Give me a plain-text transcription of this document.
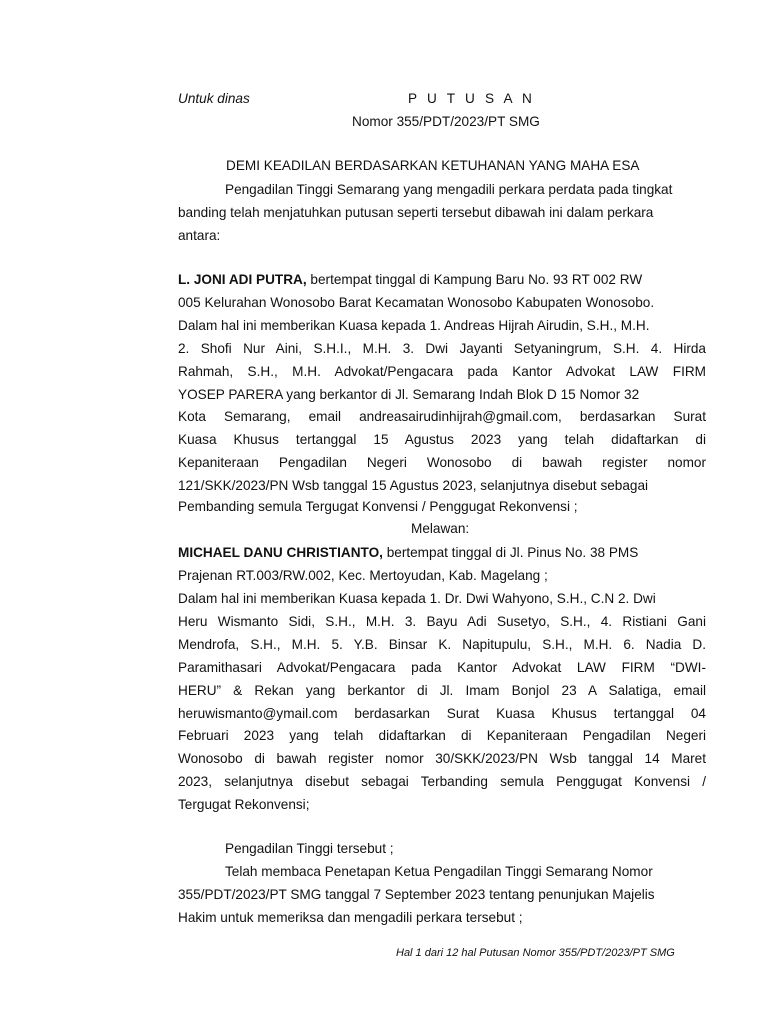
Untuk dinas	P U T U S A N
Nomor 355/PDT/2023/PT SMG
DEMI KEADILAN BERDASARKAN KETUHANAN YANG MAHA ESA
Pengadilan Tinggi Semarang yang mengadili perkara perdata pada tingkat
banding telah menjatuhkan putusan seperti tersebut dibawah ini dalam perkara
antara:
L. JONI ADI PUTRA, bertempat tinggal di Kampung Baru No. 93 RT 002 RW
005 Kelurahan Wonosobo Barat Kecamatan Wonosobo Kabupaten Wonosobo.
Dalam hal ini memberikan Kuasa kepada 1. Andreas Hijrah Airudin, S.H., M.H.
2. Shofi Nur Aini, S.H.I., M.H. 3. Dwi Jayanti Setyaningrum, S.H. 4. Hirda
Rahmah, S.H., M.H. Advokat/Pengacara pada Kantor Advokat LAW FIRM
YOSEP PARERA yang berkantor di Jl. Semarang Indah Blok D 15 Nomor 32
Kota Semarang, email andreasairudinhijrah@gmail.com, berdasarkan Surat
Kuasa Khusus tertanggal 15 Agustus 2023 yang telah didaftarkan di
Kepaniteraan Pengadilan Negeri Wonosobo di bawah register nomor
121/SKK/2023/PN Wsb tanggal 15 Agustus 2023, selanjutnya disebut sebagai
Pembanding semula Tergugat Konvensi / Penggugat Rekonvensi ;
Melawan:
MICHAEL DANU CHRISTIANTO, bertempat tinggal di Jl. Pinus No. 38 PMS
Prajenan RT.003/RW.002, Kec. Mertoyudan, Kab. Magelang ;
Dalam hal ini memberikan Kuasa kepada 1. Dr. Dwi Wahyono, S.H., C.N 2. Dwi
Heru Wismanto Sidi, S.H., M.H. 3. Bayu Adi Susetyo, S.H., 4. Ristiani Gani
Mendrofa, S.H., M.H. 5. Y.B. Binsar K. Napitupulu, S.H., M.H. 6. Nadia D.
Paramithasari Advokat/Pengacara pada Kantor Advokat LAW FIRM “DWI-
HERU” & Rekan yang berkantor di Jl. Imam Bonjol 23 A Salatiga, email
heruwismanto@ymail.com berdasarkan Surat Kuasa Khusus tertanggal 04
Februari 2023 yang telah didaftarkan di Kepaniteraan Pengadilan Negeri
Wonosobo di bawah register nomor 30/SKK/2023/PN Wsb tanggal 14 Maret
2023, selanjutnya disebut sebagai Terbanding semula Penggugat Konvensi /
Tergugat Rekonvensi;
Pengadilan Tinggi tersebut ;
Telah membaca Penetapan Ketua Pengadilan Tinggi Semarang Nomor
355/PDT/2023/PT SMG tanggal 7 September 2023 tentang penunjukan Majelis
Hakim untuk memeriksa dan mengadili perkara tersebut ;
Hal 1 dari 12 hal Putusan Nomor 355/PDT/2023/PT SMG
